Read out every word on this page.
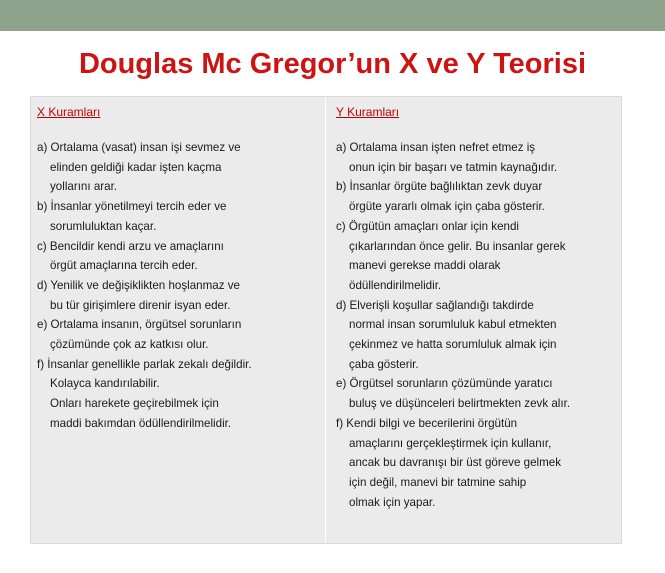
Douglas Mc Gregor’un X ve Y Teorisi
X Kuramları
a) Ortalama (vasat) insan işi sevmez ve
elinden geldiği kadar işten kaçma
yollarını arar.
b) İnsanlar yönetilmeyi tercih eder ve
sorumluluktan kaçar.
c) Bencildir kendi arzu ve amaçlarını
örgüt amaçlarına tercih eder.
d) Yenilik ve değişiklikten hoşlanmaz ve
bu tür girişimlere direnir isyan eder.
e) Ortalama insanın, örgütsel sorunların
çözümünde çok az katkısı olur.
f) İnsanlar genellikle parlak zekalı değildir.
Kolayca kandırılabilir.
Onları harekete geçirebilmek için
maddi bakımdan ödüllendirilmelidir.
Y Kuramları
a) Ortalama insan işten nefret etmez iş
onun için bir başarı ve tatmin kaynağıdır.
b) İnsanlar örgüte bağlılıktan zevk duyar
örgüte yararlı olmak için çaba gösterir.
c) Örgütün amaçları onlar için kendi
çıkarlarından önce gelir. Bu insanlar gerek
manevi gerekse maddi olarak
ödüllendirilmelidir.
d) Elverişli koşullar sağlandığı takdirde
normal insan sorumluluk kabul etmekten
çekinmez ve hatta sorumluluk almak için
çaba gösterir.
e) Örgütsel sorunların çözümünde yaratıcı
buluş ve düşünceleri belirtmekten zevk alır.
f) Kendi bilgi ve becerilerini örgütün
amaçlarını gerçekleştirmek için kullanır,
ancak bu davranışı bir üst göreve gelmek
için değil, manevi bir tatmine sahip
olmak için yapar.
